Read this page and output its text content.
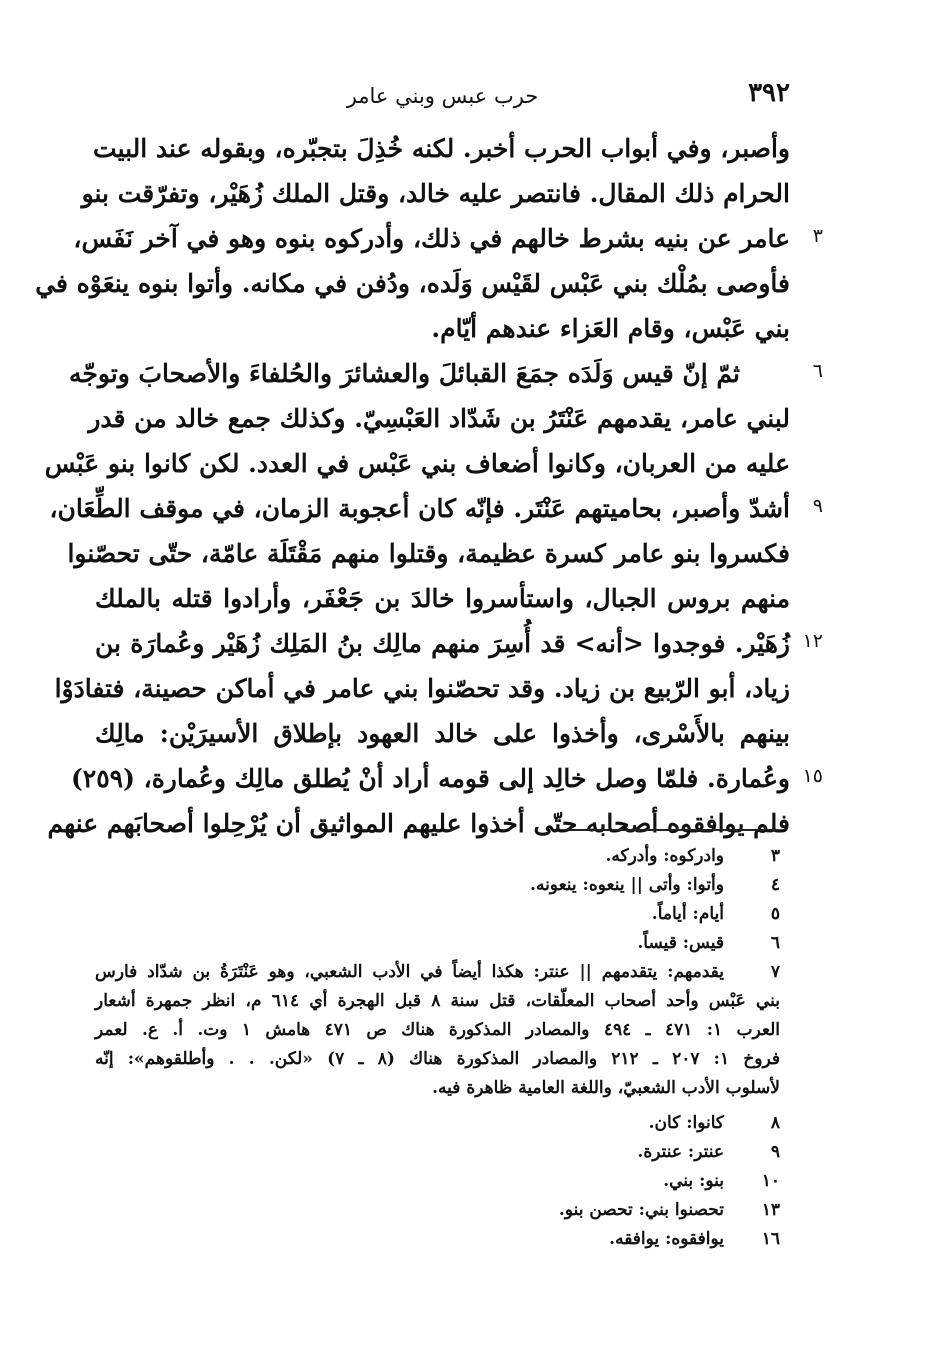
٣٩٢
حرب عبس وبني عامر
وأصبر، وفي أبواب الحرب أخبر. لكنه خُذِلَ بتجبّره، وبقوله عند البيت
الحرام ذلك المقال. فانتصر عليه خالد، وقتل الملك زُهَيْر، وتفرّقت بنو
عامر عن بنيه بشرط خالهم في ذلك، وأدركوه بنوه وهو في آخر نَفَس،
فأوصى بمُلْك بني عَبْس لقَيْس وَلَده، ودُفن في مكانه. وأتوا بنوه ينعَوْه في
بني عَبْس، وقام العَزاء عندهم أيّام.
ثمّ إنّ قيس وَلَدَه جمَعَ القبائلَ والعشائرَ والحُلفاءَ والأصحابَ وتوجّه
لبني عامر، يقدمهم عَنْتَرُ بن شَدّاد العَبْسِيّ. وكذلك جمع خالد من قدر
عليه من العربان، وكانوا أضعاف بني عَبْس في العدد. لكن كانوا بنو عَبْس
أشدّ وأصبر، بحاميتهم عَنْتَر. فإنّه كان أعجوبة الزمان، في موقف الطِّعَان،
فكسروا بنو عامر كسرة عظيمة، وقتلوا منهم مَقْتَلَة عامّة، حتّى تحصّنوا
منهم بروس الجبال، واستأسروا خالدَ بن جَعْفَر، وأرادوا قتله بالملك
زُهَيْر. فوجدوا <أنه> قد أُسِرَ منهم مالِك بنُ المَلِك زُهَيْر وعُمارَة بن
زياد، أبو الرّبيع بن زياد. وقد تحصّنوا بني عامر في أماكن حصينة، فتفادَوْا
بينهم بالأَسْرى، وأخذوا على خالد العهود بإطلاق الأسيرَيْن: مالِك
وعُمارة. فلمّا وصل خالِد إلى قومه أراد أنْ يُطلق مالِك وعُمارة، (٢٥٩)
فلم يوافقوه أصحابه حتّى أخذوا عليهم المواثيق أن يُرْحِلوا أصحابَهم عنهم
٣
٦
٩
١٢
١٥
٣
وادركوه: وأدركه.
٤
وأتوا: وأتى || ينعوه: ينعونه.
٥
أيام: أياماً.
٦
قيس: قيساً.
٧
يقدمهم: يتقدمهم || عنتر: هكذا أيضاً في الأدب الشعبي، وهو عَنْتَرَةُ بن شدّاد فارس
بني عَبْس وأحد أصحاب المعلّقات، قتل سنة ٨ قبل الهجرة أي ٦١٤ م، انظر جمهرة أشعار
العرب ١: ٤٧١ ـ ٤٩٤ والمصادر المذكورة هناك ص ٤٧١ هامش ١ وت. أ. ع. لعمر
فروخ ١: ٢٠٧ ـ ٢١٢ والمصادر المذكورة هناك (٨ ـ ٧) «لكن. . . وأطلقوهم»: إنّه
لأسلوب الأدب الشعبيّ، واللغة العامية ظاهرة فيه.
٨
كانوا: كان.
٩
عنتر: عنترة.
١٠
بنو: بني.
١٣
تحصنوا بني: تحصن بنو.
١٦
يوافقوه: يوافقه.
